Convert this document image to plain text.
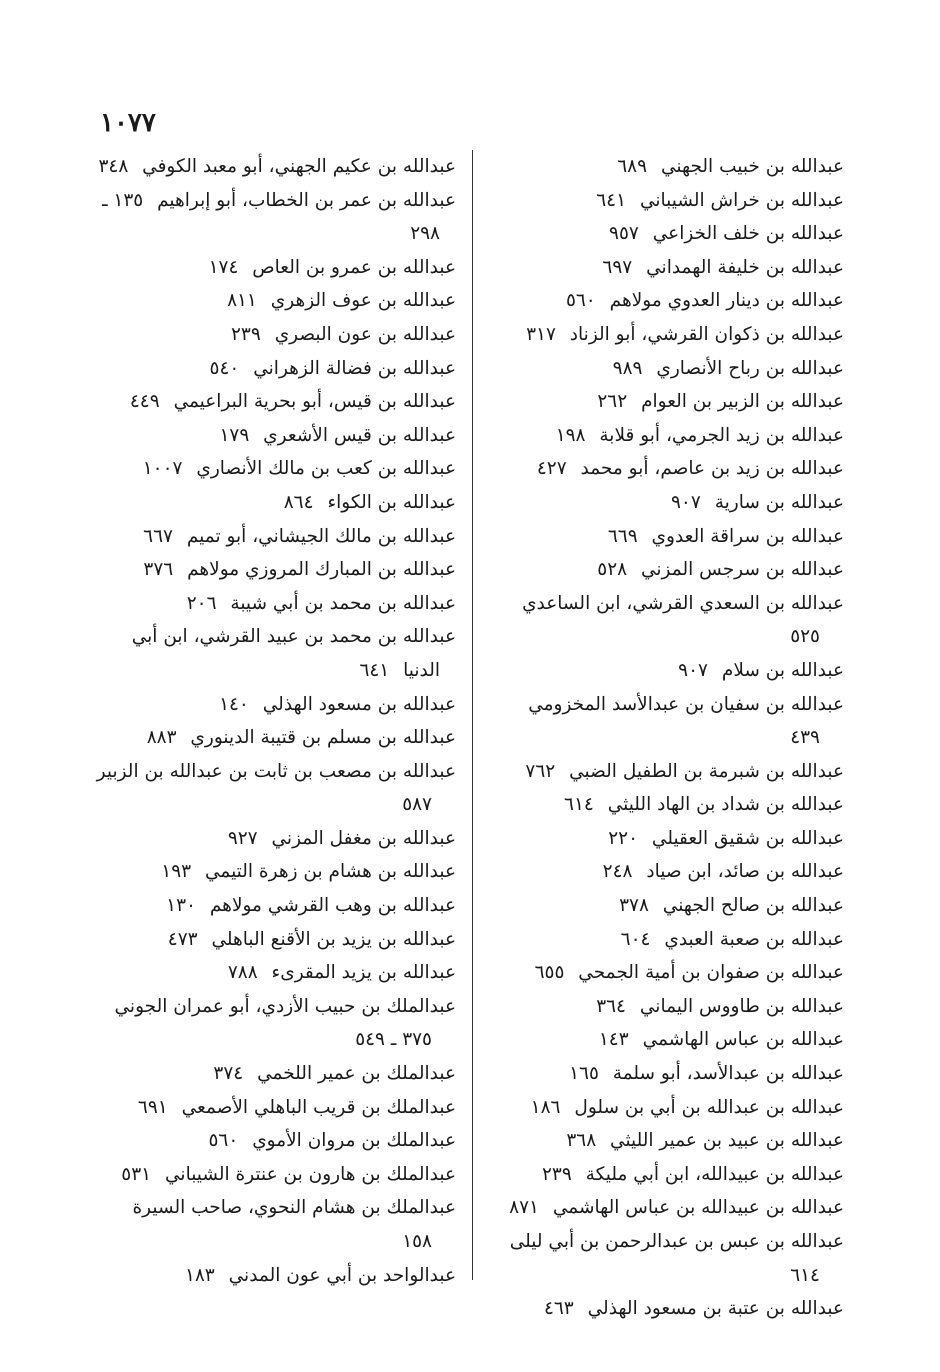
١٠٧٧

عبدالله بن خبيب الجهني ٦٨٩

عبدالله بن خراش الشيباني ٦٤١

عبدالله بن خلف الخزاعي ٩٥٧

عبدالله بن خليفة الهمداني ٦٩٧

عبدالله بن دينار العدوي مولاهم ٥٦٠

عبدالله بن ذكوان القرشي، أبو الزناد ٣١٧

عبدالله بن رباح الأنصاري ٩٨٩

عبدالله بن الزبير بن العوام ٢٦٢

عبدالله بن زيد الجرمي، أبو قلابة ١٩٨

عبدالله بن زيد بن عاصم، أبو محمد ٤٢٧

عبدالله بن سارية ٩٠٧

عبدالله بن سراقة العدوي ٦٦٩

عبدالله بن سرجس المزني ٥٢٨

عبدالله بن السعدي القرشي، ابن الساعدي ٥٢٥

عبدالله بن سلام ٩٠٧

عبدالله بن سفيان بن عبدالأسد المخزومي ٤٣٩

عبدالله بن شبرمة بن الطفيل الضبي ٧٦٢

عبدالله بن شداد بن الهاد الليثي ٦١٤

عبدالله بن شقيق العقيلي ٢٢٠

عبدالله بن صائد، ابن صياد ٢٤٨

عبدالله بن صالح الجهني ٣٧٨

عبدالله بن صعبة العبدي ٦٠٤

عبدالله بن صفوان بن أمية الجمحي ٦٥٥

عبدالله بن طاووس اليماني ٣٦٤

عبدالله بن عباس الهاشمي ١٤٣

عبدالله بن عبدالأسد، أبو سلمة ١٦٥

عبدالله بن عبدالله بن أبي بن سلول ١٨٦

عبدالله بن عبيد بن عمير الليثي ٣٦٨

عبدالله بن عبيدالله، ابن أبي مليكة ٢٣٩

عبدالله بن عبيدالله بن عباس الهاشمي ٨٧١

عبدالله بن عبس بن عبدالرحمن بن أبي ليلى ٦١٤

عبدالله بن عتبة بن مسعود الهذلي ٤٦٣

عبدالله بن عكيم الجهني، أبو معبد الكوفي ٣٤٨

عبدالله بن عمر بن الخطاب، أبو إبراهيم ١٣٥ ـ ٢٩٨

عبدالله بن عمرو بن العاص ١٧٤

عبدالله بن عوف الزهري ٨١١

عبدالله بن عون البصري ٢٣٩

عبدالله بن فضالة الزهراني ٥٤٠

عبدالله بن قيس، أبو بحرية البراعيمي ٤٤٩

عبدالله بن قيس الأشعري ١٧٩

عبدالله بن كعب بن مالك الأنصاري ١٠٠٧

عبدالله بن الكواء ٨٦٤

عبدالله بن مالك الجيشاني، أبو تميم ٦٦٧

عبدالله بن المبارك المروزي مولاهم ٣٧٦

عبدالله بن محمد بن أبي شيبة ٢٠٦

عبدالله بن محمد بن عبيد القرشي، ابن أبي الدنيا ٦٤١

عبدالله بن مسعود الهذلي ١٤٠

عبدالله بن مسلم بن قتيبة الدينوري ٨٨٣

عبدالله بن مصعب بن ثابت بن عبدالله بن الزبير ٥٨٧

عبدالله بن مغفل المزني ٩٢٧

عبدالله بن هشام بن زهرة التيمي ١٩٣

عبدالله بن وهب القرشي مولاهم ١٣٠

عبدالله بن يزيد بن الأقنع الباهلي ٤٧٣

عبدالله بن يزيد المقرىء ٧٨٨

عبدالملك بن حبيب الأزدي، أبو عمران الجوني ٣٧٥ ـ ٥٤٩

عبدالملك بن عمير اللخمي ٣٧٤

عبدالملك بن قريب الباهلي الأصمعي ٦٩١

عبدالملك بن مروان الأموي ٥٦٠

عبدالملك بن هارون بن عنترة الشيباني ٥٣١

عبدالملك بن هشام النحوي، صاحب السيرة ١٥٨

عبدالواحد بن أبي عون المدني ١٨٣
